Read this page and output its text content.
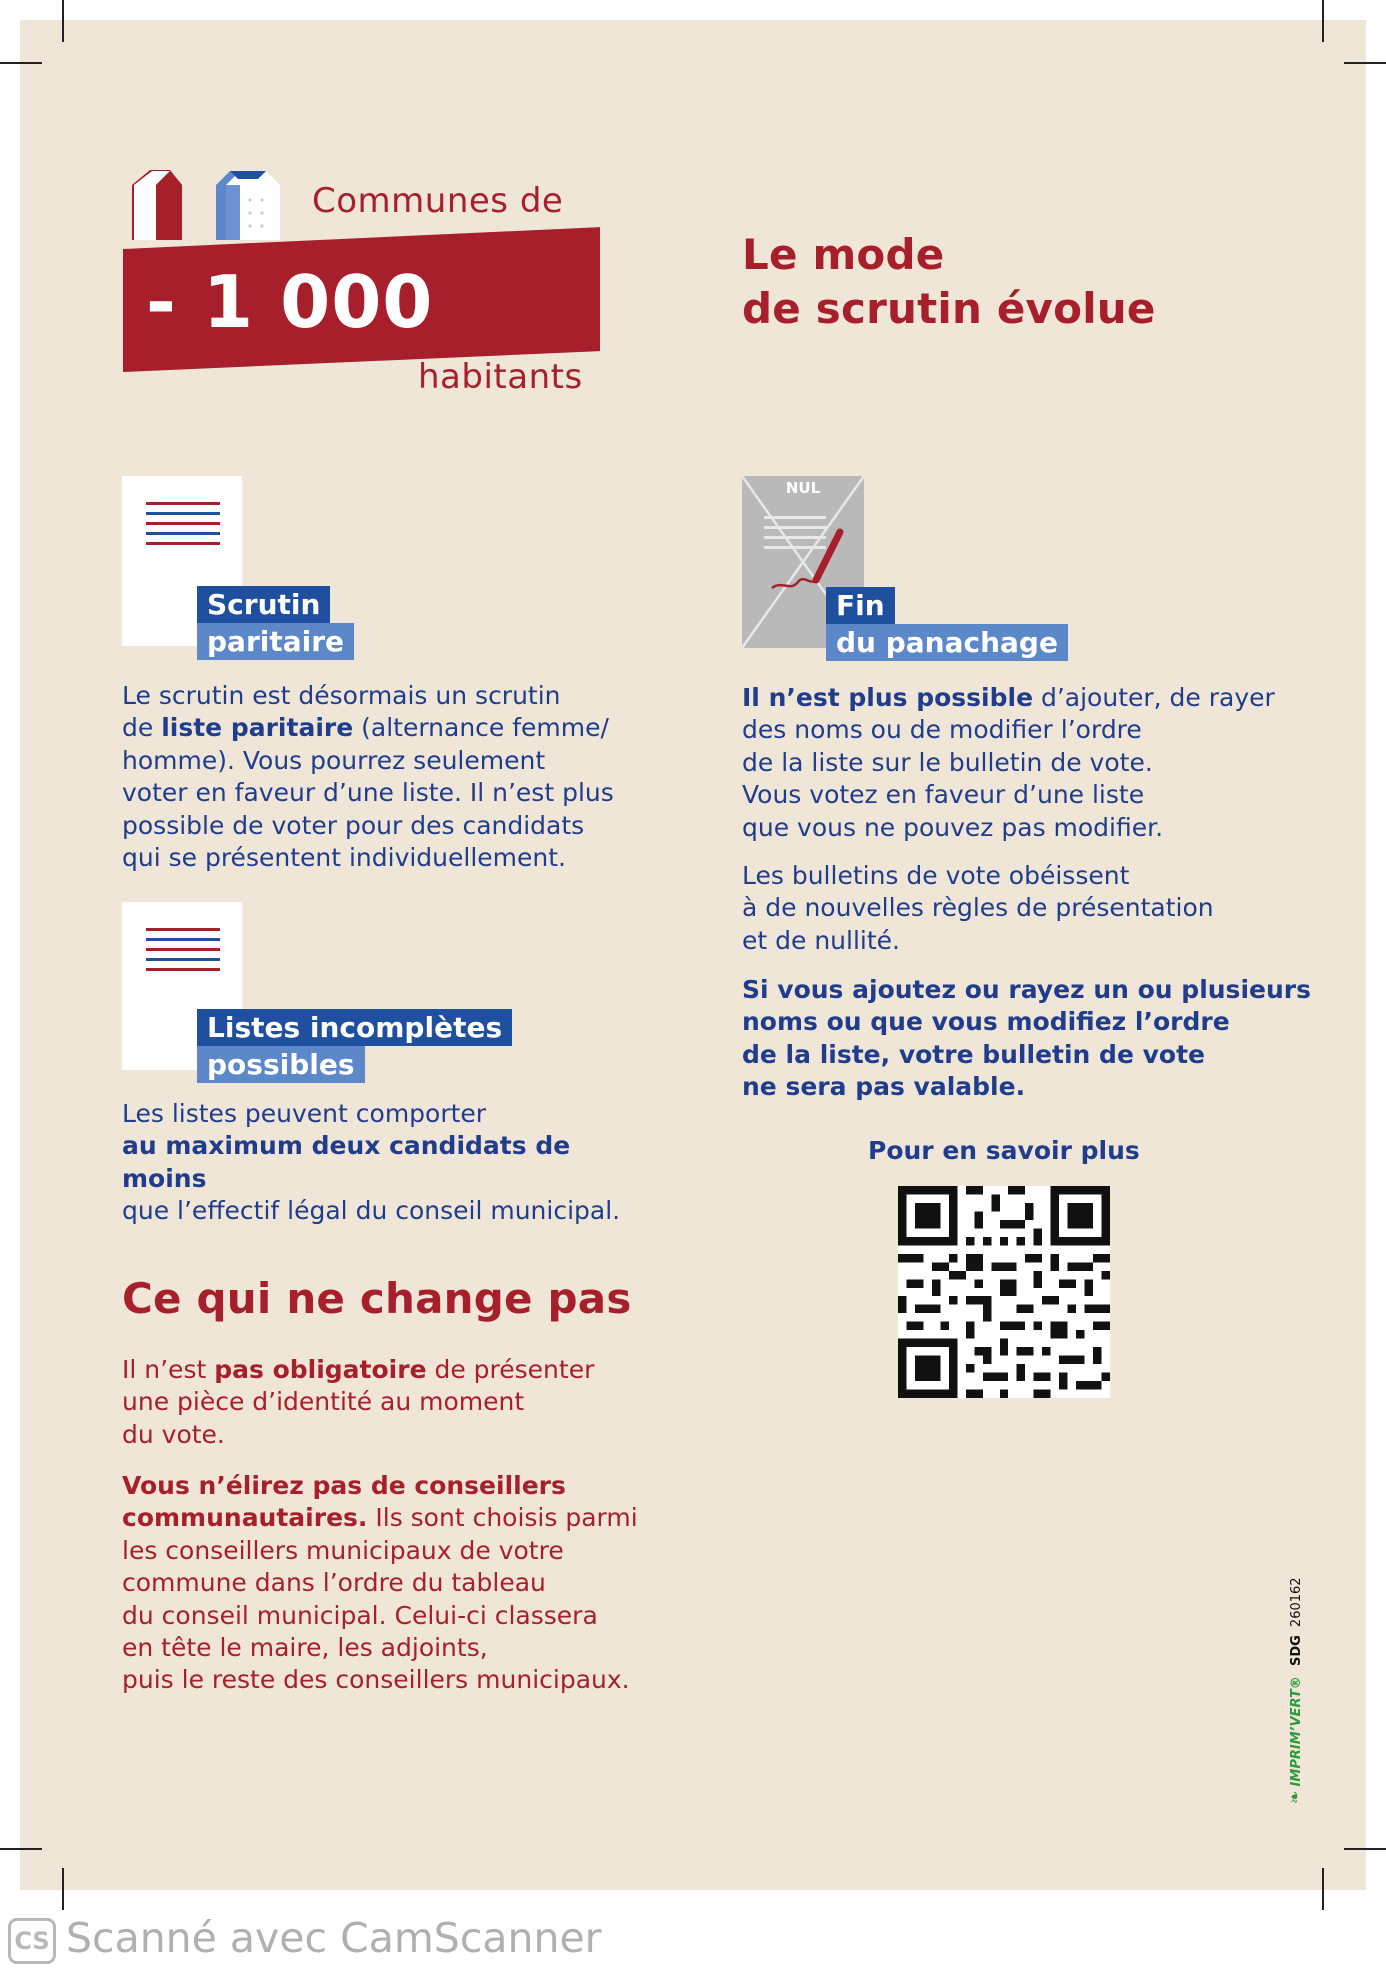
Communes de
- 1 000
habitants
Le mode
de scrutin évolue
Scrutin
paritaire
Le scrutin est désormais un scrutin
de liste paritaire (alternance femme/
homme). Vous pourrez seulement
voter en faveur d’une liste. Il n’est plus
possible de voter pour des candidats
qui se présentent individuellement.
Listes incomplètes
possibles
Les listes peuvent comporter
au maximum deux candidats de moins
que l’effectif légal du conseil municipal.
Ce qui ne change pas
Il n’est pas obligatoire de présenter
une pièce d’identité au moment
du vote.
Vous n’élirez pas de conseillers
communautaires. Ils sont choisis parmi
les conseillers municipaux de votre
commune dans l’ordre du tableau
du conseil municipal. Celui-ci classera
en tête le maire, les adjoints,
puis le reste des conseillers municipaux.
NUL
Fin
du panachage
Il n’est plus possible d’ajouter, de rayer
des noms ou de modifier l’ordre
de la liste sur le bulletin de vote.
Vous votez en faveur d’une liste
que vous ne pouvez pas modifier.
Les bulletins de vote obéissent
à de nouvelles règles de présentation
et de nullité.
Si vous ajoutez ou rayez un ou plusieurs
noms ou que vous modifiez l’ordre
de la liste, votre bulletin de vote
ne sera pas valable.
Pour en savoir plus
❧ IMPRIM’VERT® SDG 260162
CS Scanné avec CamScanner
